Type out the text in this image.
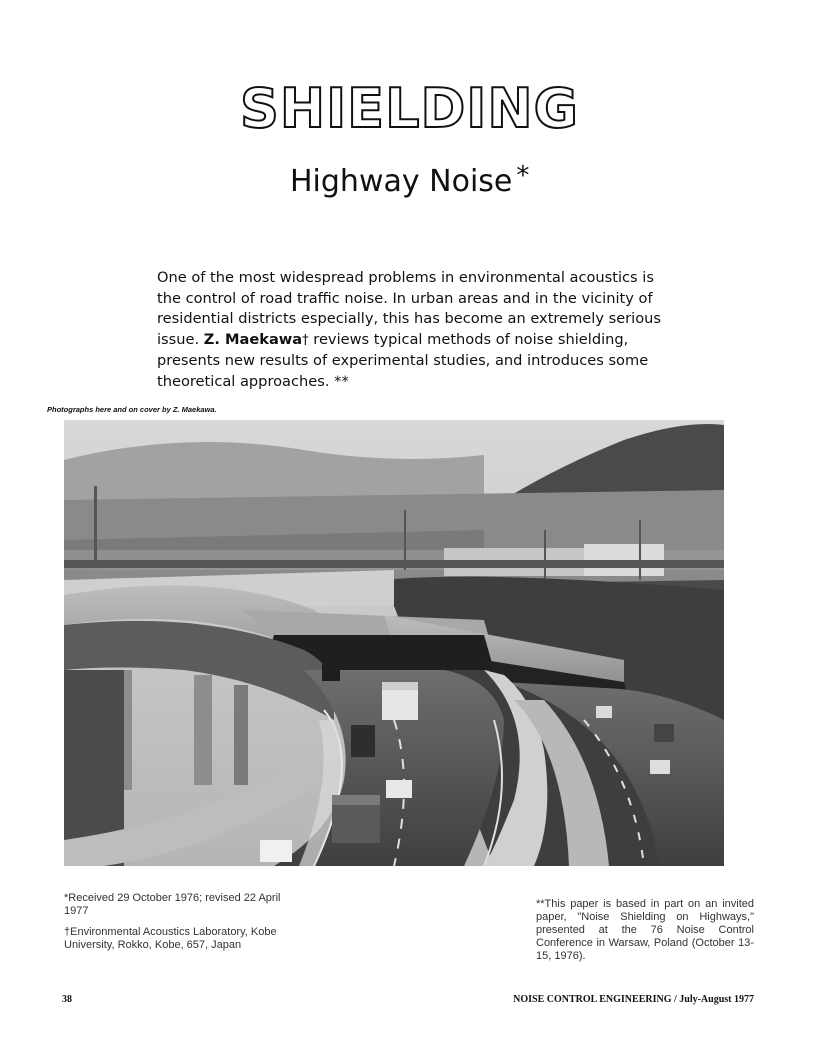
SHIELDING
Highway Noise *
One of the most widespread problems in environmental acoustics is the control of road traffic noise. In urban areas and in the vicinity of residential districts especially, this has become an extremely serious issue. Z. Maekawa† reviews typical methods of noise shielding, presents new results of experimental studies, and introduces some theoretical approaches. **
Photographs here and on cover by Z. Maekawa.

*Received 29 October 1976; revised 22 April 1977

†Environmental Acoustics Laboratory, Kobe University, Rokko, Kobe, 657, Japan

**This paper is based in part on an invited paper, "Noise Shielding on Highways," presented at the 76 Noise Control Conference in Warsaw, Poland (October 13-15, 1976).

38	NOISE CONTROL ENGINEERING / July-August 1977
